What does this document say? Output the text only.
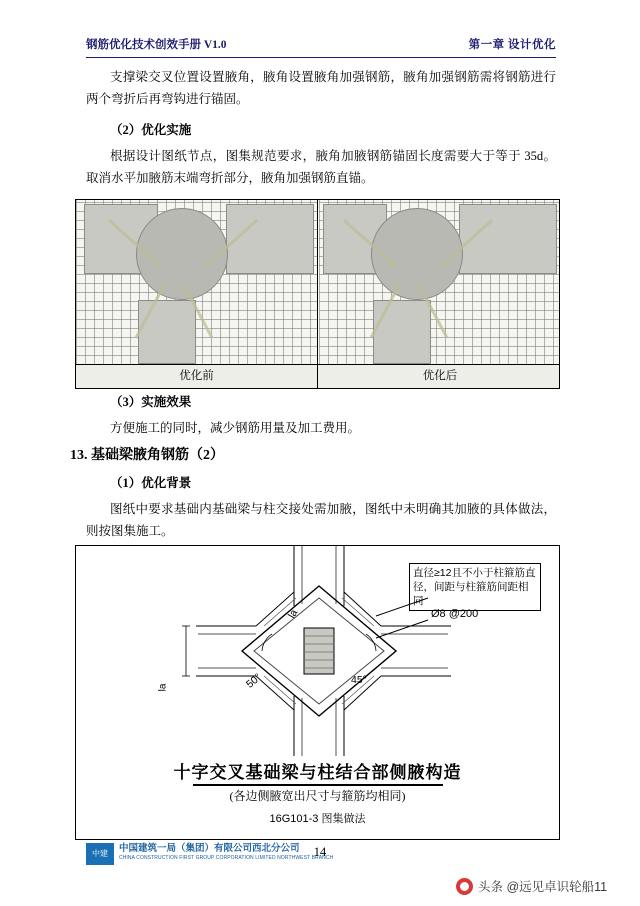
钢筋优化技术创效手册 V1.0	第一章 设计优化
支撑梁交叉位置设置腋角，腋角设置腋角加强钢筋，腋角加强钢筋需将钢筋进行两个弯折后再弯钩进行锚固。
（2）优化实施
根据设计图纸节点，图集规范要求，腋角加腋钢筋锚固长度需要大于等于 35d。取消水平加腋筋末端弯折部分，腋角加强钢筋直锚。
优化前	优化后
（3）实施效果
方便施工的同时，减少钢筋用量及加工费用。
13. 基础梁腋角钢筋（2）
（1）优化背景
图纸中要求基础内基础梁与柱交接处需加腋，图纸中未明确其加腋的具体做法，则按图集施工。
直径≥12且不小于柱箍筋直径，间距与柱箍筋间距相同
Ø8 @200
50°	45°
la
la
十字交叉基础梁与柱结合部侧腋构造
(各边侧腋宽出尺寸与箍筋均相同)
16G101-3 图集做法
中建	中国建筑一局（集团）有限公司西北分公司
CHINA CONSTRUCTION FIRST GROUP CORPORATION LIMITED NORTHWEST BRANCH
14
头条 @远见卓识轮船11
